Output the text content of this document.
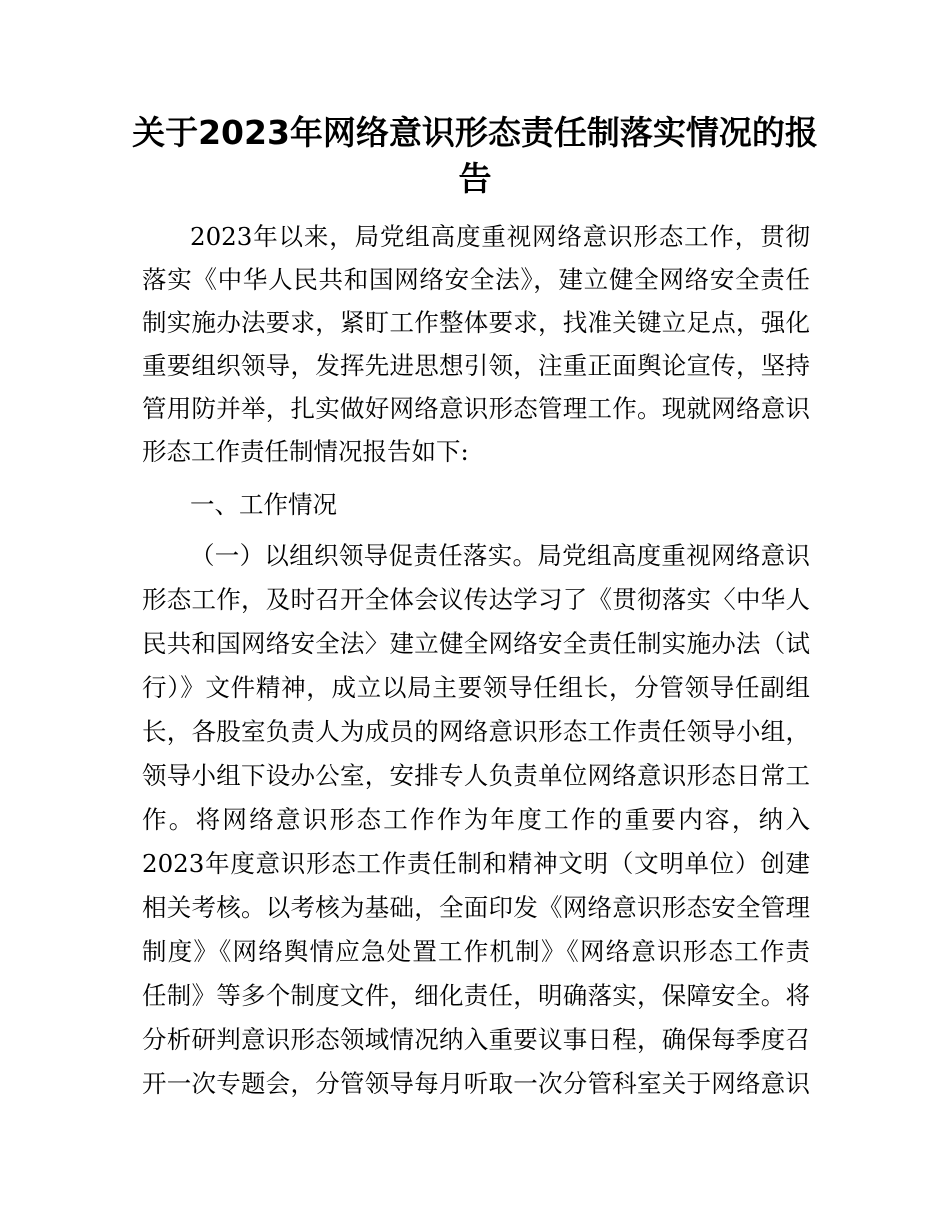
关于2023年网络意识形态责任制落实情况的报告

2023年以来，局党组高度重视网络意识形态工作，贯彻

落实《中华人民共和国网络安全法》，建立健全网络安全责任

制实施办法要求，紧盯工作整体要求，找准关键立足点，强化

重要组织领导，发挥先进思想引领，注重正面舆论宣传，坚持

管用防并举，扎实做好网络意识形态管理工作。现就网络意识

形态工作责任制情况报告如下:

一、工作情况

（一）以组织领导促责任落实。局党组高度重视网络意识

形态工作，及时召开全体会议传达学习了《贯彻落实〈中华人

民共和国网络安全法〉建立健全网络安全责任制实施办法（试

行）》文件精神，成立以局主要领导任组长，分管领导任副组

长，各股室负责人为成员的网络意识形态工作责任领导小组，

领导小组下设办公室，安排专人负责单位网络意识形态日常工

作。将网络意识形态工作作为年度工作的重要内容，纳入

2023年度意识形态工作责任制和精神文明（文明单位）创建

相关考核。以考核为基础，全面印发《网络意识形态安全管理

制度》《网络舆情应急处置工作机制》《网络意识形态工作责

任制》等多个制度文件，细化责任，明确落实，保障安全。将

分析研判意识形态领域情况纳入重要议事日程，确保每季度召

开一次专题会，分管领导每月听取一次分管科室关于网络意识
